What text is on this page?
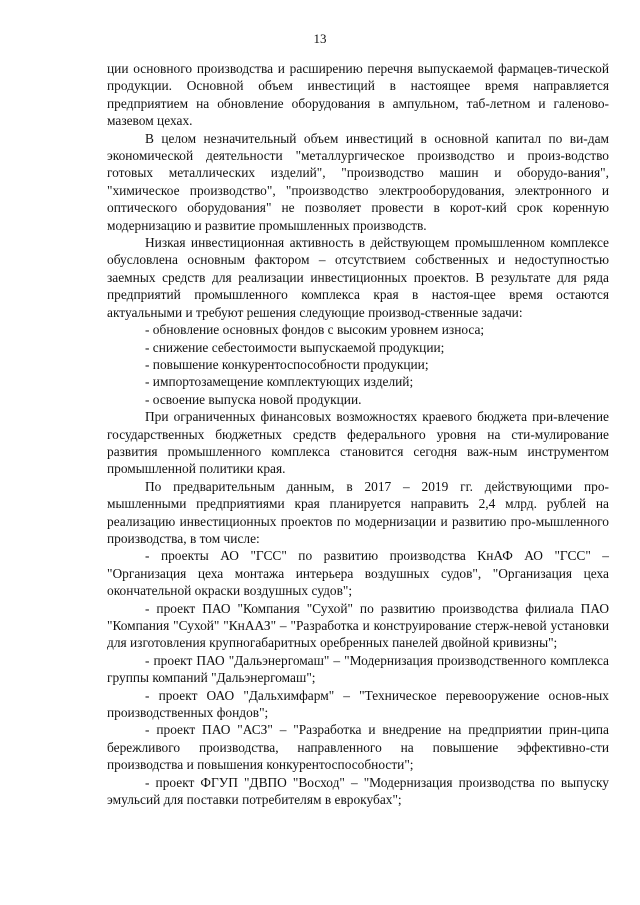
13

ции основного производства и расширению перечня выпускаемой фармацев-тической продукции. Основной объем инвестиций в настоящее время направляется предприятием на обновление оборудования в ампульном, таб-летном и галеново-мазевом цехах.

В целом незначительный объем инвестиций в основной капитал по ви-дам экономической деятельности "металлургическое производство и произ-водство готовых металлических изделий", "производство машин и оборудо-вания", "химическое производство", "производство электрооборудования, электронного и оптического оборудования" не позволяет провести в корот-кий срок коренную модернизацию и развитие промышленных производств.

Низкая инвестиционная активность в действующем промышленном комплексе обусловлена основным фактором – отсутствием собственных и недоступностью заемных средств для реализации инвестиционных проектов. В результате для ряда предприятий промышленного комплекса края в настоя-щее время остаются актуальными и требуют решения следующие производ-ственные задачи:

- обновление основных фондов с высоким уровнем износа;

- снижение себестоимости выпускаемой продукции;

- повышение конкурентоспособности продукции;

- импортозамещение комплектующих изделий;

- освоение выпуска новой продукции.

При ограниченных финансовых возможностях краевого бюджета при-влечение государственных бюджетных средств федерального уровня на сти-мулирование развития промышленного комплекса становится сегодня важ-ным инструментом промышленной политики края.

По предварительным данным, в 2017 – 2019 гг. действующими про-мышленными предприятиями края планируется направить 2,4 млрд. рублей на реализацию инвестиционных проектов по модернизации и развитию про-мышленного производства, в том числе:

- проекты АО "ГСС" по развитию производства КнАФ АО "ГСС" – "Организация цеха монтажа интерьера воздушных судов", "Организация цеха окончательной окраски воздушных судов";

- проект ПАО "Компания "Сухой" по развитию производства филиала ПАО "Компания "Сухой" "КнААЗ" – "Разработка и конструирование стерж-невой установки для изготовления крупногабаритных оребренных панелей двойной кривизны";

- проект ПАО "Дальэнергомаш" – "Модернизация производственного комплекса группы компаний "Дальэнергомаш";

- проект ОАО "Дальхимфарм" – "Техническое перевооружение основ-ных производственных фондов";

- проект ПАО "АСЗ" – "Разработка и внедрение на предприятии прин-ципа бережливого производства, направленного на повышение эффективно-сти производства и повышения конкурентоспособности";

- проект ФГУП "ДВПО "Восход" – "Модернизация производства по выпуску эмульсий для поставки потребителям в еврокубах";
